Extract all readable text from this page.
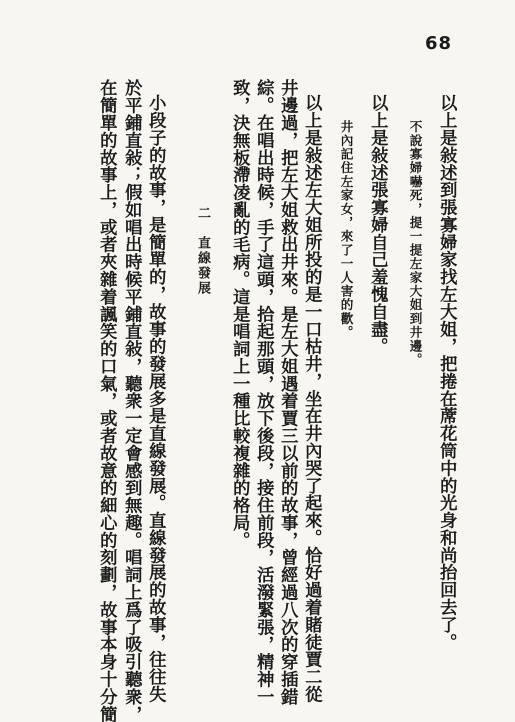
68
以上是敍述到張寡婦家找左大姐，把捲在蓆花筒中的光身和尚抬回去了。
不說寡婦嚇死，提一提左家大姐到井邊。
以上是敍述張寡婦自己羞愧自盡。
井內記住左家女，來了一人害的歡。
以上是敍述左大姐所投的是一口枯井，坐在井內哭了起來。恰好過着賭徒賈二從
井邊過，把左大姐救出井來。是左大姐遇着賈三以前的故事，曾經過八次的穿插錯
綜。在唱出時候，手了這頭，拾起那頭，放下後段，接住前段，活潑緊張，精神一
致，決無板滯凌亂的毛病。這是唱詞上一種比較複雜的格局。
二　直線發展
小段子的故事，是簡單的，故事的發展多是直線發展。直線發展的故事，往往失
於平鋪直敍；假如唱出時候平鋪直敍，聽衆一定會感到無趣。唱詞上爲了吸引聽衆，
在簡單的故事上，或者夾雜着諷笑的口氣，或者故意的細心的刻劃，故事本身十分簡
